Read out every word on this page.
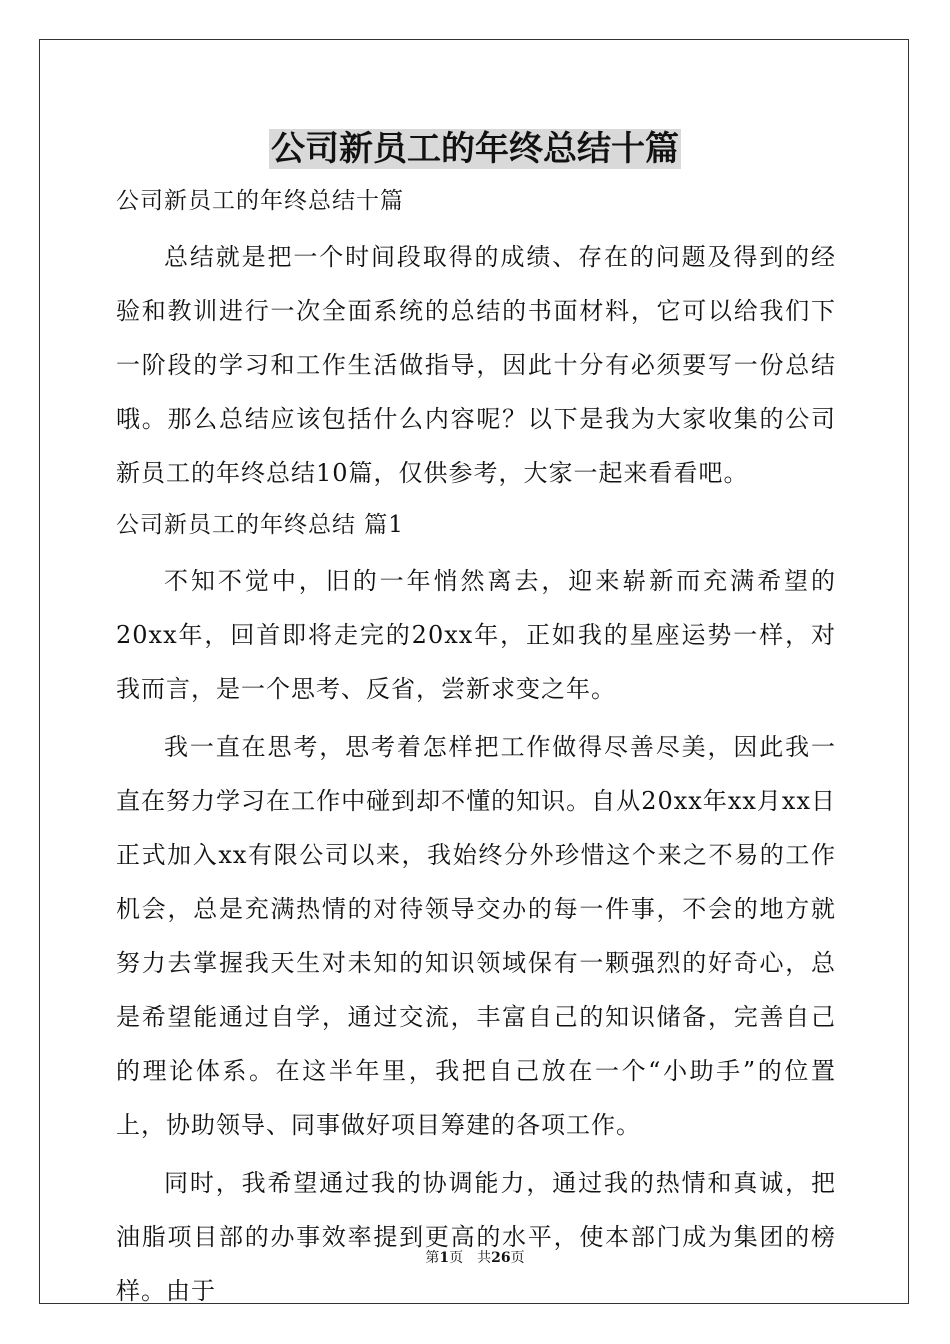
公司新员工的年终总结十篇

公司新员工的年终总结十篇

总结就是把一个时间段取得的成绩、存在的问题及得到的经验和教训进行一次全面系统的总结的书面材料，它可以给我们下一阶段的学习和工作生活做指导，因此十分有必须要写一份总结哦。那么总结应该包括什么内容呢？以下是我为大家收集的公司新员工的年终总结10篇，仅供参考，大家一起来看看吧。

公司新员工的年终总结 篇1

不知不觉中，旧的一年悄然离去，迎来崭新而充满希望的20xx年，回首即将走完的20xx年，正如我的星座运势一样，对我而言，是一个思考、反省，尝新求变之年。

我一直在思考，思考着怎样把工作做得尽善尽美，因此我一直在努力学习在工作中碰到却不懂的知识。自从20xx年xx月xx日正式加入xx有限公司以来，我始终分外珍惜这个来之不易的工作机会，总是充满热情的对待领导交办的每一件事，不会的地方就努力去掌握我天生对未知的知识领域保有一颗强烈的好奇心，总是希望能通过自学，通过交流，丰富自己的知识储备，完善自己的理论体系。在这半年里，我把自己放在一个“小助手”的位置上，协助领导、同事做好项目筹建的各项工作。

同时，我希望通过我的协调能力，通过我的热情和真诚，把油脂项目部的办事效率提到更高的水平，使本部门成为集团的榜样。由于

第1页 共26页
